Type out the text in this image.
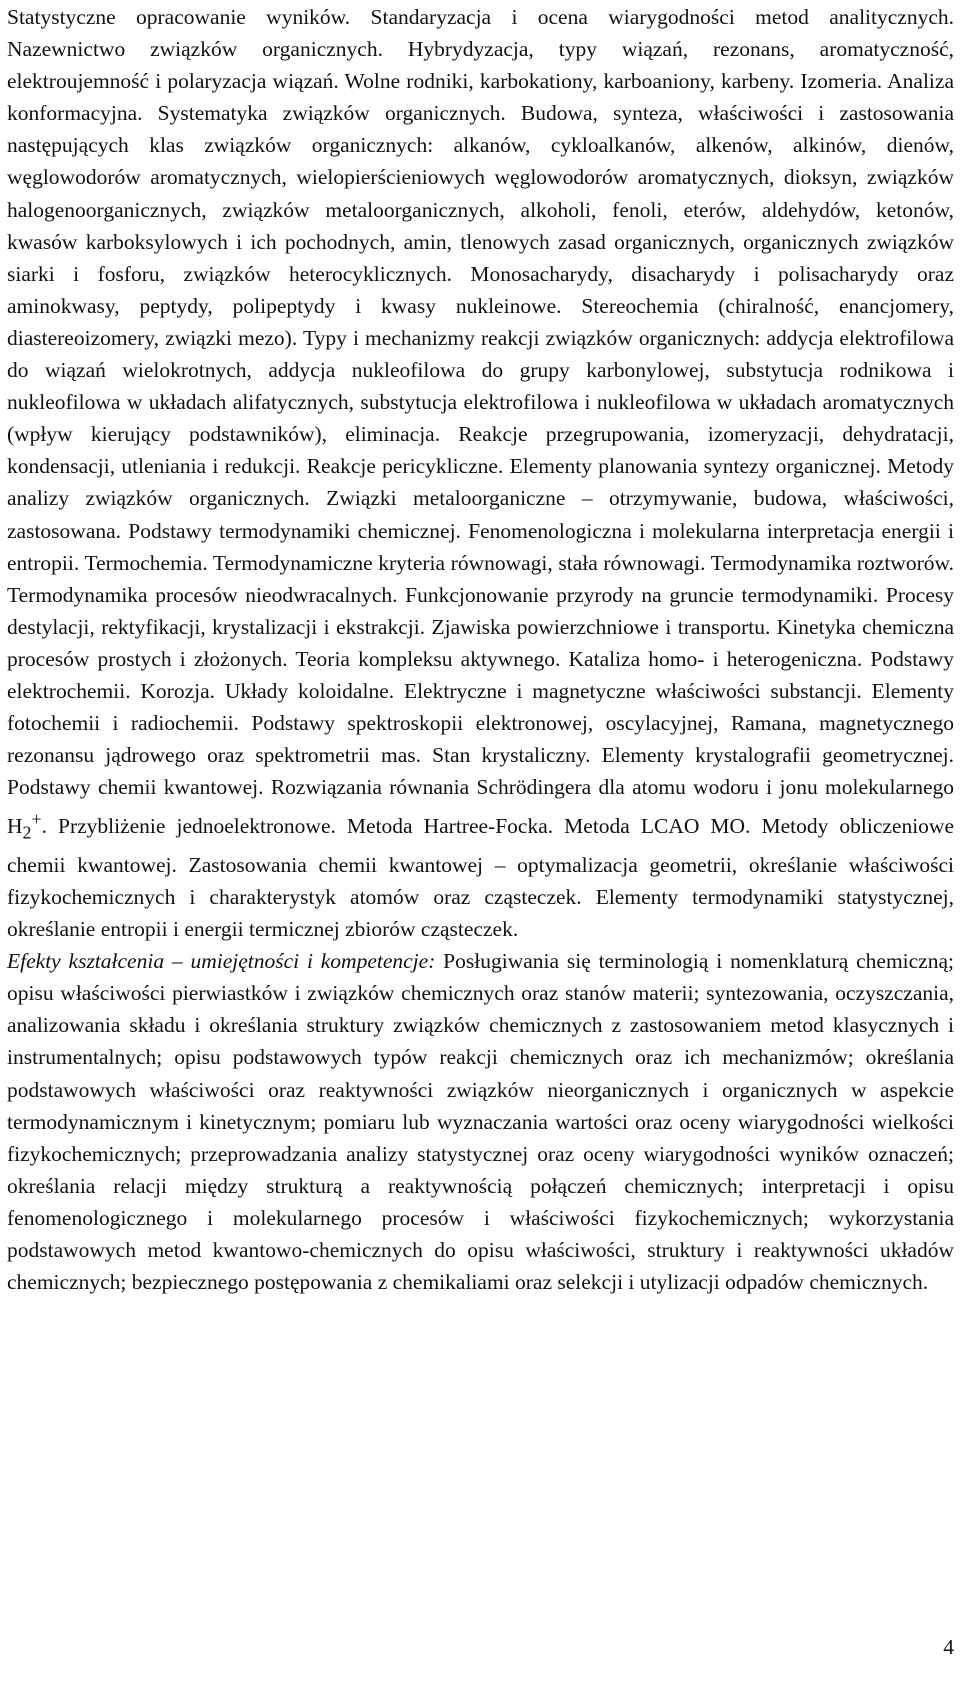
Statystyczne opracowanie wyników. Standaryzacja i ocena wiarygodności metod analitycznych. Nazewnictwo związków organicznych. Hybrydyzacja, typy wiązań, rezonans, aromatyczność, elektroujemność i polaryzacja wiązań. Wolne rodniki, karbokationy, karboaniony, karbeny. Izomeria. Analiza konformacyjna. Systematyka związków organicznych. Budowa, synteza, właściwości i zastosowania następujących klas związków organicznych: alkanów, cykloalkanów, alkenów, alkinów, dienów, węglowodorów aromatycznych, wielopierścieniowych węglowodorów aromatycznych, dioksyn, związków halogenoorganicznych, związków metaloorganicznych, alkoholi, fenoli, eterów, aldehydów, ketonów, kwasów karboksylowych i ich pochodnych, amin, tlenowych zasad organicznych, organicznych związków siarki i fosforu, związków heterocyklicznych. Monosacharydy, disacharydy i polisacharydy oraz aminokwasy, peptydy, polipeptydy i kwasy nukleinowe. Stereochemia (chiralność, enancjomery, diastereoizomery, związki mezo). Typy i mechanizmy reakcji związków organicznych: addycja elektrofilowa do wiązań wielokrotnych, addycja nukleofilowa do grupy karbonylowej, substytucja rodnikowa i nukleofilowa w układach alifatycznych, substytucja elektrofilowa i nukleofilowa w układach aromatycznych (wpływ kierujący podstawników), eliminacja. Reakcje przegrupowania, izomeryzacji, dehydratacji, kondensacji, utleniania i redukcji. Reakcje pericykliczne. Elementy planowania syntezy organicznej. Metody analizy związków organicznych. Związki metaloorganiczne – otrzymywanie, budowa, właściwości, zastosowana. Podstawy termodynamiki chemicznej. Fenomenologiczna i molekularna interpretacja energii i entropii. Termochemia. Termodynamiczne kryteria równowagi, stała równowagi. Termodynamika roztworów. Termodynamika procesów nieodwracalnych. Funkcjonowanie przyrody na gruncie termodynamiki. Procesy destylacji, rektyfikacji, krystalizacji i ekstrakcji. Zjawiska powierzchniowe i transportu. Kinetyka chemiczna procesów prostych i złożonych. Teoria kompleksu aktywnego. Kataliza homo- i heterogeniczna. Podstawy elektrochemii. Korozja. Układy koloidalne. Elektryczne i magnetyczne właściwości substancji. Elementy fotochemii i radiochemii. Podstawy spektroskopii elektronowej, oscylacyjnej, Ramana, magnetycznego rezonansu jądrowego oraz spektrometrii mas. Stan krystaliczny. Elementy krystalografii geometrycznej. Podstawy chemii kwantowej. Rozwiązania równania Schrödingera dla atomu wodoru i jonu molekularnego $H_2^+$. Przybliżenie jednoelektronowe. Metoda Hartree-Focka. Metoda LCAO MO. Metody obliczeniowe chemii kwantowej. Zastosowania chemii kwantowej – optymalizacja geometrii, określanie właściwości fizykochemicznych i charakterystyk atomów oraz cząsteczek. Elementy termodynamiki statystycznej, określanie entropii i energii termicznej zbiorów cząsteczek.

Efekty kształcenia – umiejętności i kompetencje: Posługiwania się terminologią i nomenklaturą chemiczną; opisu właściwości pierwiastków i związków chemicznych oraz stanów materii; syntezowania, oczyszczania, analizowania składu i określania struktury związków chemicznych z zastosowaniem metod klasycznych i instrumentalnych; opisu podstawowych typów reakcji chemicznych oraz ich mechanizmów; określania podstawowych właściwości oraz reaktywności związków nieorganicznych i organicznych w aspekcie termodynamicznym i kinetycznym; pomiaru lub wyznaczania wartości oraz oceny wiarygodności wielkości fizykochemicznych; przeprowadzania analizy statystycznej oraz oceny wiarygodności wyników oznaczeń; określania relacji między strukturą a reaktywnością połączeń chemicznych; interpretacji i opisu fenomenologicznego i molekularnego procesów i właściwości fizykochemicznych; wykorzystania podstawowych metod kwantowo-chemicznych do opisu właściwości, struktury i reaktywności układów chemicznych; bezpiecznego postępowania z chemikaliami oraz selekcji i utylizacji odpadów chemicznych.

4
